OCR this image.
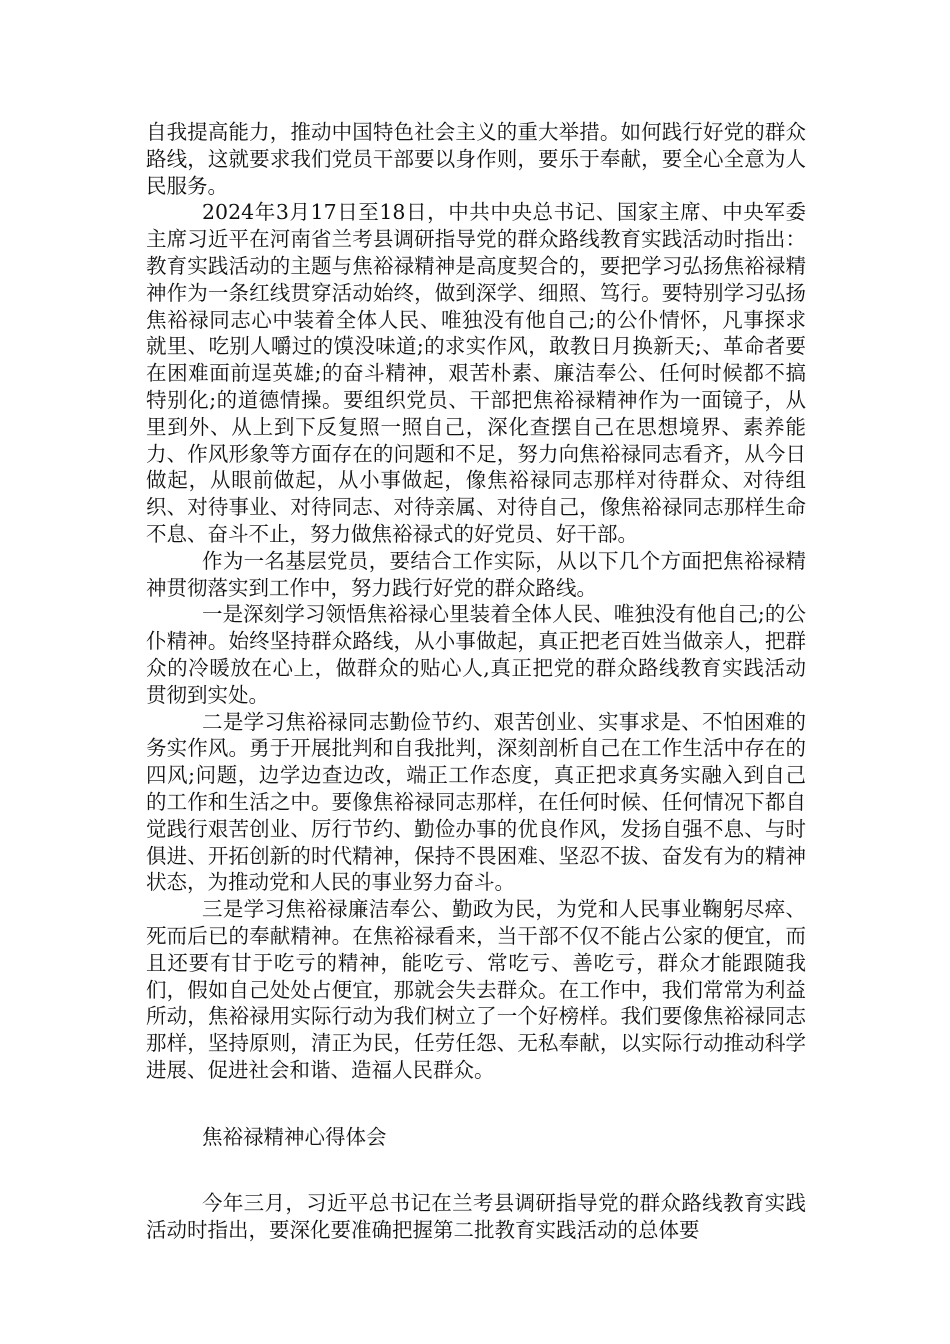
自我提高能力，推动中国特色社会主义的重大举措。如何践行好党的群众路线，这就要求我们党员干部要以身作则，要乐于奉献，要全心全意为人民服务。

2024年3月17日至18日，中共中央总书记、国家主席、中央军委主席习近平在河南省兰考县调研指导党的群众路线教育实践活动时指出：教育实践活动的主题与焦裕禄精神是高度契合的，要把学习弘扬焦裕禄精神作为一条红线贯穿活动始终，做到深学、细照、笃行。要特别学习弘扬焦裕禄同志心中装着全体人民、唯独没有他自己;的公仆情怀，凡事探求就里、吃别人嚼过的馍没味道;的求实作风，敢教日月换新天;、革命者要在困难面前逞英雄;的奋斗精神，艰苦朴素、廉洁奉公、任何时候都不搞特别化;的道德情操。要组织党员、干部把焦裕禄精神作为一面镜子，从里到外、从上到下反复照一照自己，深化查摆自己在思想境界、素养能力、作风形象等方面存在的问题和不足，努力向焦裕禄同志看齐，从今日做起，从眼前做起，从小事做起，像焦裕禄同志那样对待群众、对待组织、对待事业、对待同志、对待亲属、对待自己，像焦裕禄同志那样生命不息、奋斗不止，努力做焦裕禄式的好党员、好干部。

作为一名基层党员，要结合工作实际，从以下几个方面把焦裕禄精神贯彻落实到工作中，努力践行好党的群众路线。

一是深刻学习领悟焦裕禄心里装着全体人民、唯独没有他自己;的公仆精神。始终坚持群众路线，从小事做起，真正把老百姓当做亲人，把群众的冷暖放在心上，做群众的贴心人,真正把党的群众路线教育实践活动贯彻到实处。

二是学习焦裕禄同志勤俭节约、艰苦创业、实事求是、不怕困难的务实作风。勇于开展批判和自我批判，深刻剖析自己在工作生活中存在的四风;问题，边学边查边改，端正工作态度，真正把求真务实融入到自己的工作和生活之中。要像焦裕禄同志那样，在任何时候、任何情况下都自觉践行艰苦创业、厉行节约、勤俭办事的优良作风，发扬自强不息、与时俱进、开拓创新的时代精神，保持不畏困难、坚忍不拔、奋发有为的精神状态，为推动党和人民的事业努力奋斗。

三是学习焦裕禄廉洁奉公、勤政为民，为党和人民事业鞠躬尽瘁、死而后已的奉献精神。在焦裕禄看来，当干部不仅不能占公家的便宜，而且还要有甘于吃亏的精神，能吃亏、常吃亏、善吃亏，群众才能跟随我们，假如自己处处占便宜，那就会失去群众。在工作中，我们常常为利益所动，焦裕禄用实际行动为我们树立了一个好榜样。我们要像焦裕禄同志那样，坚持原则，清正为民，任劳任怨、无私奉献，以实际行动推动科学进展、促进社会和谐、造福人民群众。

焦裕禄精神心得体会

今年三月，习近平总书记在兰考县调研指导党的群众路线教育实践活动时指出，要深化要准确把握第二批教育实践活动的总体要
